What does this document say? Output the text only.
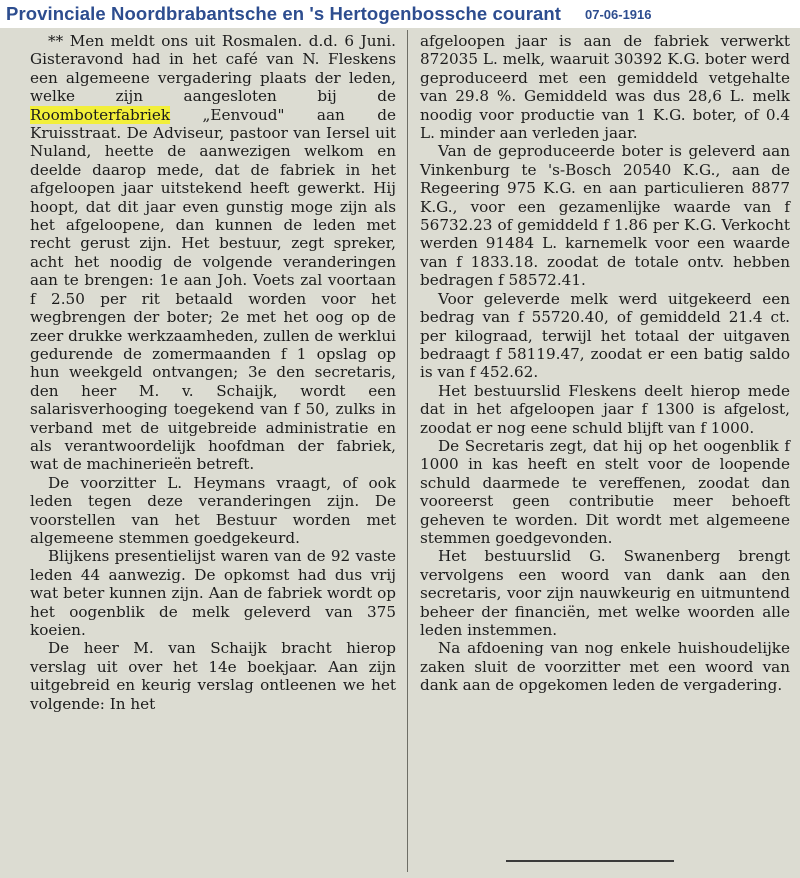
Provinciale Noordbrabantsche en 's Hertogenbossche courant 07-06-1916

** Men meldt ons uit Rosmalen. d.d. 6 Juni. Gisteravond had in het café van N. Fleskens een algemeene vergadering plaats der leden, welke zijn aangesloten bij de Roomboterfabriek „Eenvoud" aan de Kruisstraat. De Adviseur, pastoor van Iersel uit Nuland, heette de aanwezigen welkom en deelde daarop mede, dat de fabriek in het afgeloopen jaar uitstekend heeft gewerkt. Hij hoopt, dat dit jaar even gunstig moge zijn als het afgeloopene, dan kunnen de leden met recht gerust zijn. Het bestuur, zegt spreker, acht het noodig de volgende veranderingen aan te brengen: 1e aan Joh. Voets zal voortaan f 2.50 per rit betaald worden voor het wegbrengen der boter; 2e met het oog op de zeer drukke werkzaamheden, zullen de werklui gedurende de zomermaanden f 1 opslag op hun weekgeld ontvangen; 3e den secretaris, den heer M. v. Schaijk, wordt een salarisverhooging toegekend van f 50, zulks in verband met de uitgebreide administratie en als verantwoordelijk hoofdman der fabriek, wat de machinerieën betreft.

De voorzitter L. Heymans vraagt, of ook leden tegen deze veranderingen zijn. De voorstellen van het Bestuur worden met algemeene stemmen goedgekeurd.

Blijkens presentielijst waren van de 92 vaste leden 44 aanwezig. De opkomst had dus vrij wat beter kunnen zijn. Aan de fabriek wordt op het oogenblik de melk geleverd van 375 koeien.

De heer M. van Schaijk bracht hierop verslag uit over het 14e boekjaar. Aan zijn uitgebreid en keurig verslag ontleenen we het volgende: In het

afgeloopen jaar is aan de fabriek verwerkt 872035 L. melk, waaruit 30392 K.G. boter werd geproduceerd met een gemiddeld vetgehalte van 29.8 %. Gemiddeld was dus 28,6 L. melk noodig voor productie van 1 K.G. boter, of 0.4 L. minder aan verleden jaar.

Van de geproduceerde boter is geleverd aan Vinkenburg te 's-Bosch 20540 K.G., aan de Regeering 975 K.G. en aan particulieren 8877 K.G., voor een gezamenlijke waarde van f 56732.23 of gemiddeld f 1.86 per K.G. Verkocht werden 91484 L. karnemelk voor een waarde van f 1833.18. zoodat de totale ontv. hebben bedragen f 58572.41.

Voor geleverde melk werd uitgekeerd een bedrag van f 55720.40, of gemiddeld 21.4 ct. per kilograad, terwijl het totaal der uitgaven bedraagt f 58119.47, zoodat er een batig saldo is van f 452.62.

Het bestuurslid Fleskens deelt hierop mede dat in het afgeloopen jaar f 1300 is afgelost, zoodat er nog eene schuld blijft van f 1000.

De Secretaris zegt, dat hij op het oogenblik f 1000 in kas heeft en stelt voor de loopende schuld daarmede te vereffenen, zoodat dan vooreerst geen contributie meer behoeft geheven te worden. Dit wordt met algemeene stemmen goedgevonden.

Het bestuurslid G. Swanenberg brengt vervolgens een woord van dank aan den secretaris, voor zijn nauwkeurig en uitmuntend beheer der financiën, met welke woorden alle leden instemmen.

Na afdoening van nog enkele huishoudelijke zaken sluit de voorzitter met een woord van dank aan de opgekomen leden de vergadering.
